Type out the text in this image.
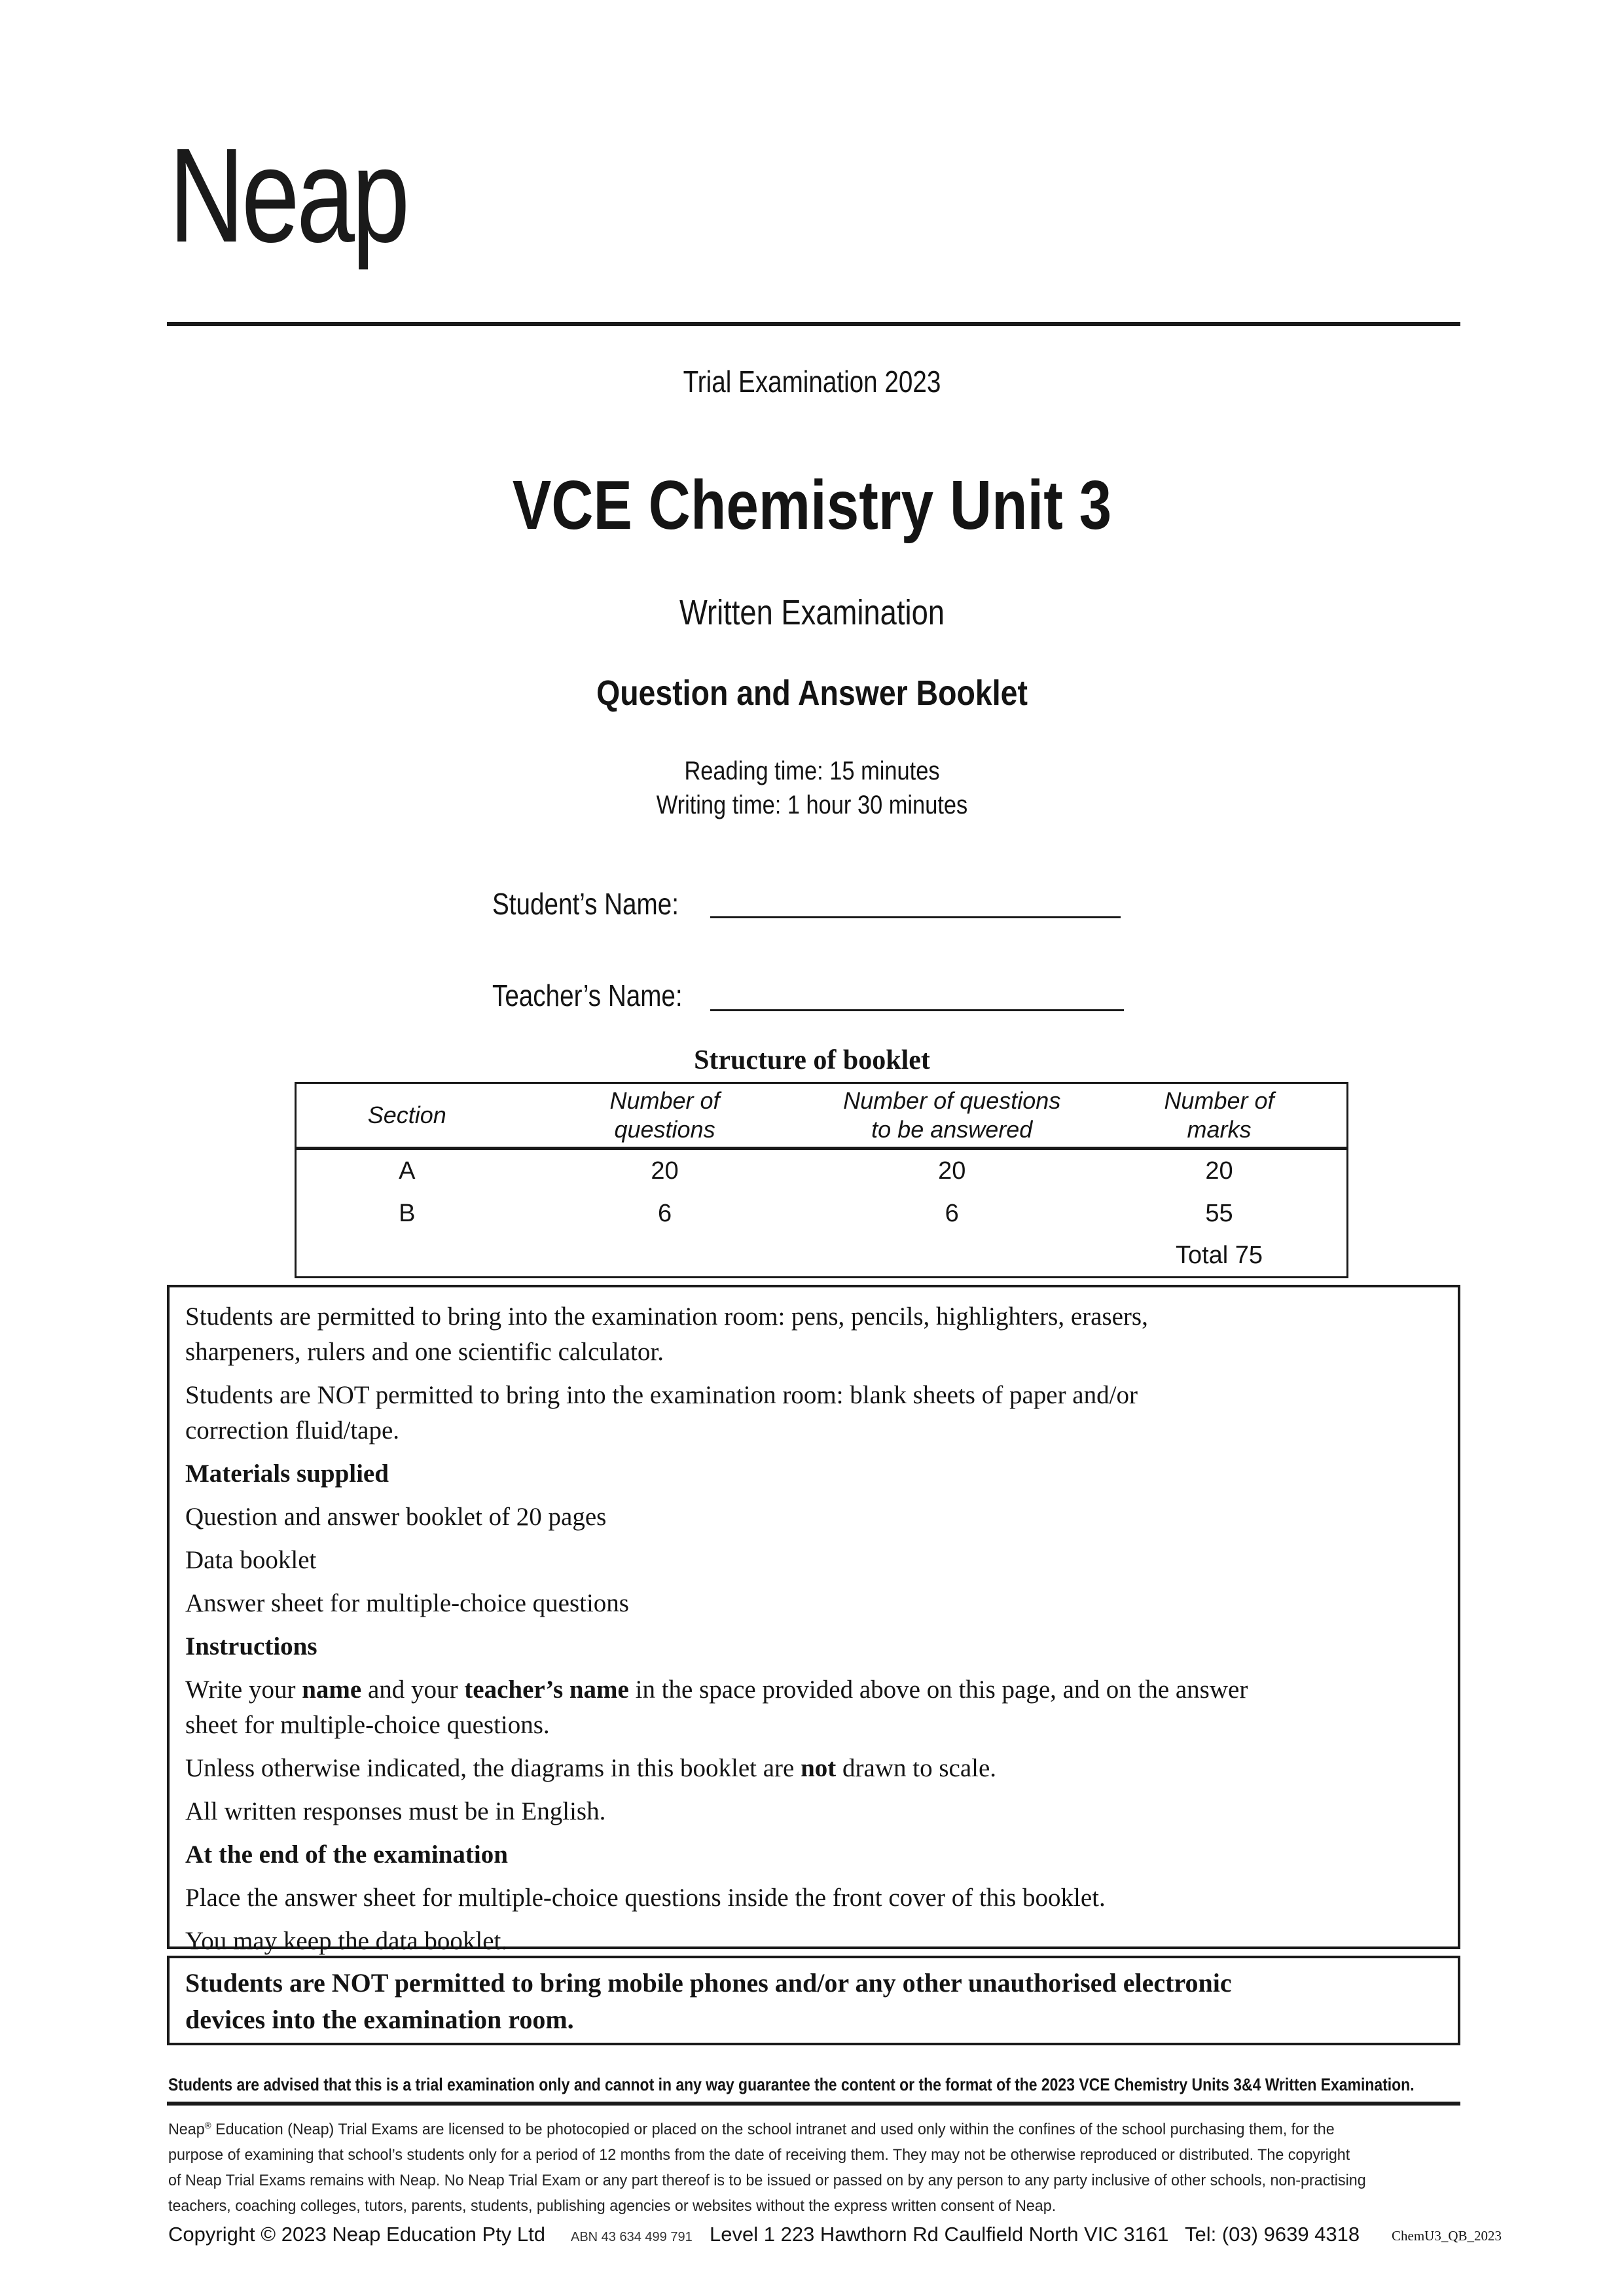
Neap
Trial Examination 2023
VCE Chemistry Unit 3
Written Examination
Question and Answer Booklet
Reading time: 15 minutes
Writing time: 1 hour 30 minutes
Student’s Name:
Teacher’s Name:
Structure of booklet
Section	Number of questions	Number of questions to be answered	Number of marks

A	20	20	20
B	6	6	55
			Total 75
Students are permitted to bring into the examination room: pens, pencils, highlighters, erasers,
sharpeners, rulers and one scientific calculator.
Students are NOT permitted to bring into the examination room: blank sheets of paper and/or
correction fluid/tape.
Materials supplied
Question and answer booklet of 20 pages
Data booklet
Answer sheet for multiple-choice questions
Instructions
Write your name and your teacher’s name in the space provided above on this page, and on the answer
sheet for multiple-choice questions.
Unless otherwise indicated, the diagrams in this booklet are not drawn to scale.
All written responses must be in English.
At the end of the examination
Place the answer sheet for multiple-choice questions inside the front cover of this booklet.
You may keep the data booklet.
Students are NOT permitted to bring mobile phones and/or any other unauthorised electronic
devices into the examination room.
Students are advised that this is a trial examination only and cannot in any way guarantee the content or the format of the 2023 VCE Chemistry Units 3&4 Written Examination.
Neap® Education (Neap) Trial Exams are licensed to be photocopied or placed on the school intranet and used only within the confines of the school purchasing them, for the
purpose of examining that school’s students only for a period of 12 months from the date of receiving them. They may not be otherwise reproduced or distributed. The copyright
of Neap Trial Exams remains with Neap. No Neap Trial Exam or any part thereof is to be issued or passed on by any person to any party inclusive of other schools, non-practising
teachers, coaching colleges, tutors, parents, students, publishing agencies or websites without the express written consent of Neap.
Copyright © 2023 Neap Education Pty Ltd ABN 43 634 499 791 Level 1 223 Hawthorn Rd Caulfield North VIC 3161 Tel: (03) 9639 4318 ChemU3_QB_2023
